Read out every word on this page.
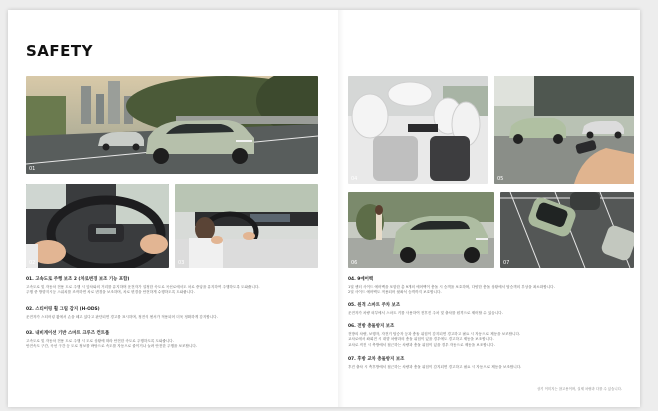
SAFETY
01
02	03
04	05
06	07
01. 고속도로 주행 보조 2 (차로변경 보조 기능 포함)

고속도로 및 자동차 전용 도로 주행 시 앞차와의 거리를 유지하며 운전자가 설정한 속도로 곡선로에서도 차로 중앙을 유지하여 주행하도록 도와줍니다.

주행 중 방향지시등 스위치를 조작하면 차로 변경을 보조하며, 차로 변경을 안전하게 수행하도록 도와줍니다.

02. 스티어링 휠 그립 감지 (H-ODS)

운전자가 스티어링 휠에서 손을 떼고 있다고 판단되면 경고를 표시하며, 정전식 센서가 적용되어 더욱 정확하게 감지합니다.

03. 내비게이션 기반 스마트 크루즈 컨트롤

고속도로 및 자동차 전용 도로 주행 시 도로 상황에 따라 안전한 속도로 주행하도록 도와줍니다.

안전속도 구간, 곡선 구간 등 도로 정보를 바탕으로 속도를 자동으로 줄이거나 늘려 안전한 주행을 보조합니다.

04. 9에어백

1열 센터 사이드 에어백을 포함한 총 9개의 에어백이 충돌 시 승객을 보호하며, 다양한 충돌 상황에서 탑승객의 부상을 최소화합니다.

2열 사이드 에어백도 적용되어 뒷좌석 승객까지 보호합니다.

05. 원격 스마트 주차 보조

운전자가 차량 외부에서 스마트 키를 사용하여 전후진 주차 및 출차를 원격으로 제어할 수 있습니다.

06. 전방 충돌방지 보조

전방의 차량, 보행자, 자전거 탑승자 등과 충돌 위험이 감지되면 경고하고 필요 시 자동으로 제동을 보조합니다.

교차로에서 좌회전 시 대향 차량과의 충돌 위험이 있을 경우에도 경고하고 제동을 보조합니다.

교차로 직진 시 측방에서 접근하는 차량과 충돌 위험이 있을 경우 자동으로 제동을 보조합니다.

07. 후방 교차 충돌방지 보조

후진 출차 시 측후방에서 접근하는 차량과 충돌 위험이 감지되면 경고하고 필요 시 자동으로 제동을 보조합니다.

상기 이미지는 참고용이며, 실제 차량과 다를 수 있습니다.
